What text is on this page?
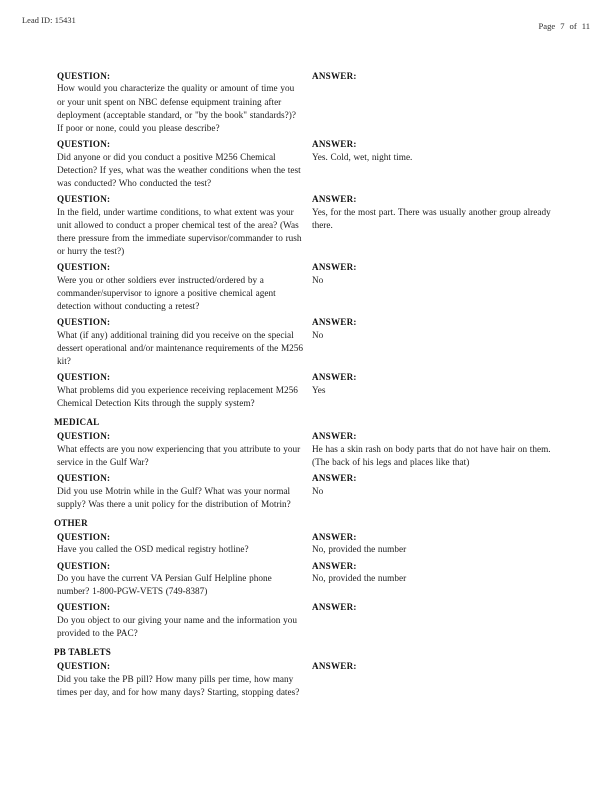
Lead ID: 15431
Page 7 of 11
QUESTION:
How would you characterize the quality or amount of time you or your unit spent on NBC defense equipment training after deployment (acceptable standard, or "by the book" standards?)? If poor or none, could you please describe?
ANSWER:
QUESTION:
Did anyone or did you conduct a positive M256 Chemical Detection? If yes, what was the weather conditions when the test was conducted? Who conducted the test?
ANSWER:
Yes. Cold, wet, night time.
QUESTION:
In the field, under wartime conditions, to what extent was your unit allowed to conduct a proper chemical test of the area? (Was there pressure from the immediate supervisor/commander to rush or hurry the test?)
ANSWER:
Yes, for the most part. There was usually another group already there.
QUESTION:
Were you or other soldiers ever instructed/ordered by a commander/supervisor to ignore a positive chemical agent detection without conducting a retest?
ANSWER:
No
QUESTION:
What (if any) additional training did you receive on the special dessert operational and/or maintenance requirements of the M256 kit?
ANSWER:
No
QUESTION:
What problems did you experience receiving replacement M256 Chemical Detection Kits through the supply system?
ANSWER:
Yes
MEDICAL
QUESTION:
What effects are you now experiencing that you attribute to your service in the Gulf War?
ANSWER:
He has a skin rash on body parts that do not have hair on them. (The back of his legs and places like that)
QUESTION:
Did you use Motrin while in the Gulf? What was your normal supply? Was there a unit policy for the distribution of Motrin?
ANSWER:
No
OTHER
QUESTION:
Have you called the OSD medical registry hotline?
ANSWER:
No, provided the number
QUESTION:
Do you have the current VA Persian Gulf Helpline phone number? 1-800-PGW-VETS (749-8387)
ANSWER:
No, provided the number
QUESTION:
Do you object to our giving your name and the information you provided to the PAC?
ANSWER:
PB TABLETS
QUESTION:
Did you take the PB pill? How many pills per time, how many times per day, and for how many days? Starting, stopping dates?
ANSWER:
